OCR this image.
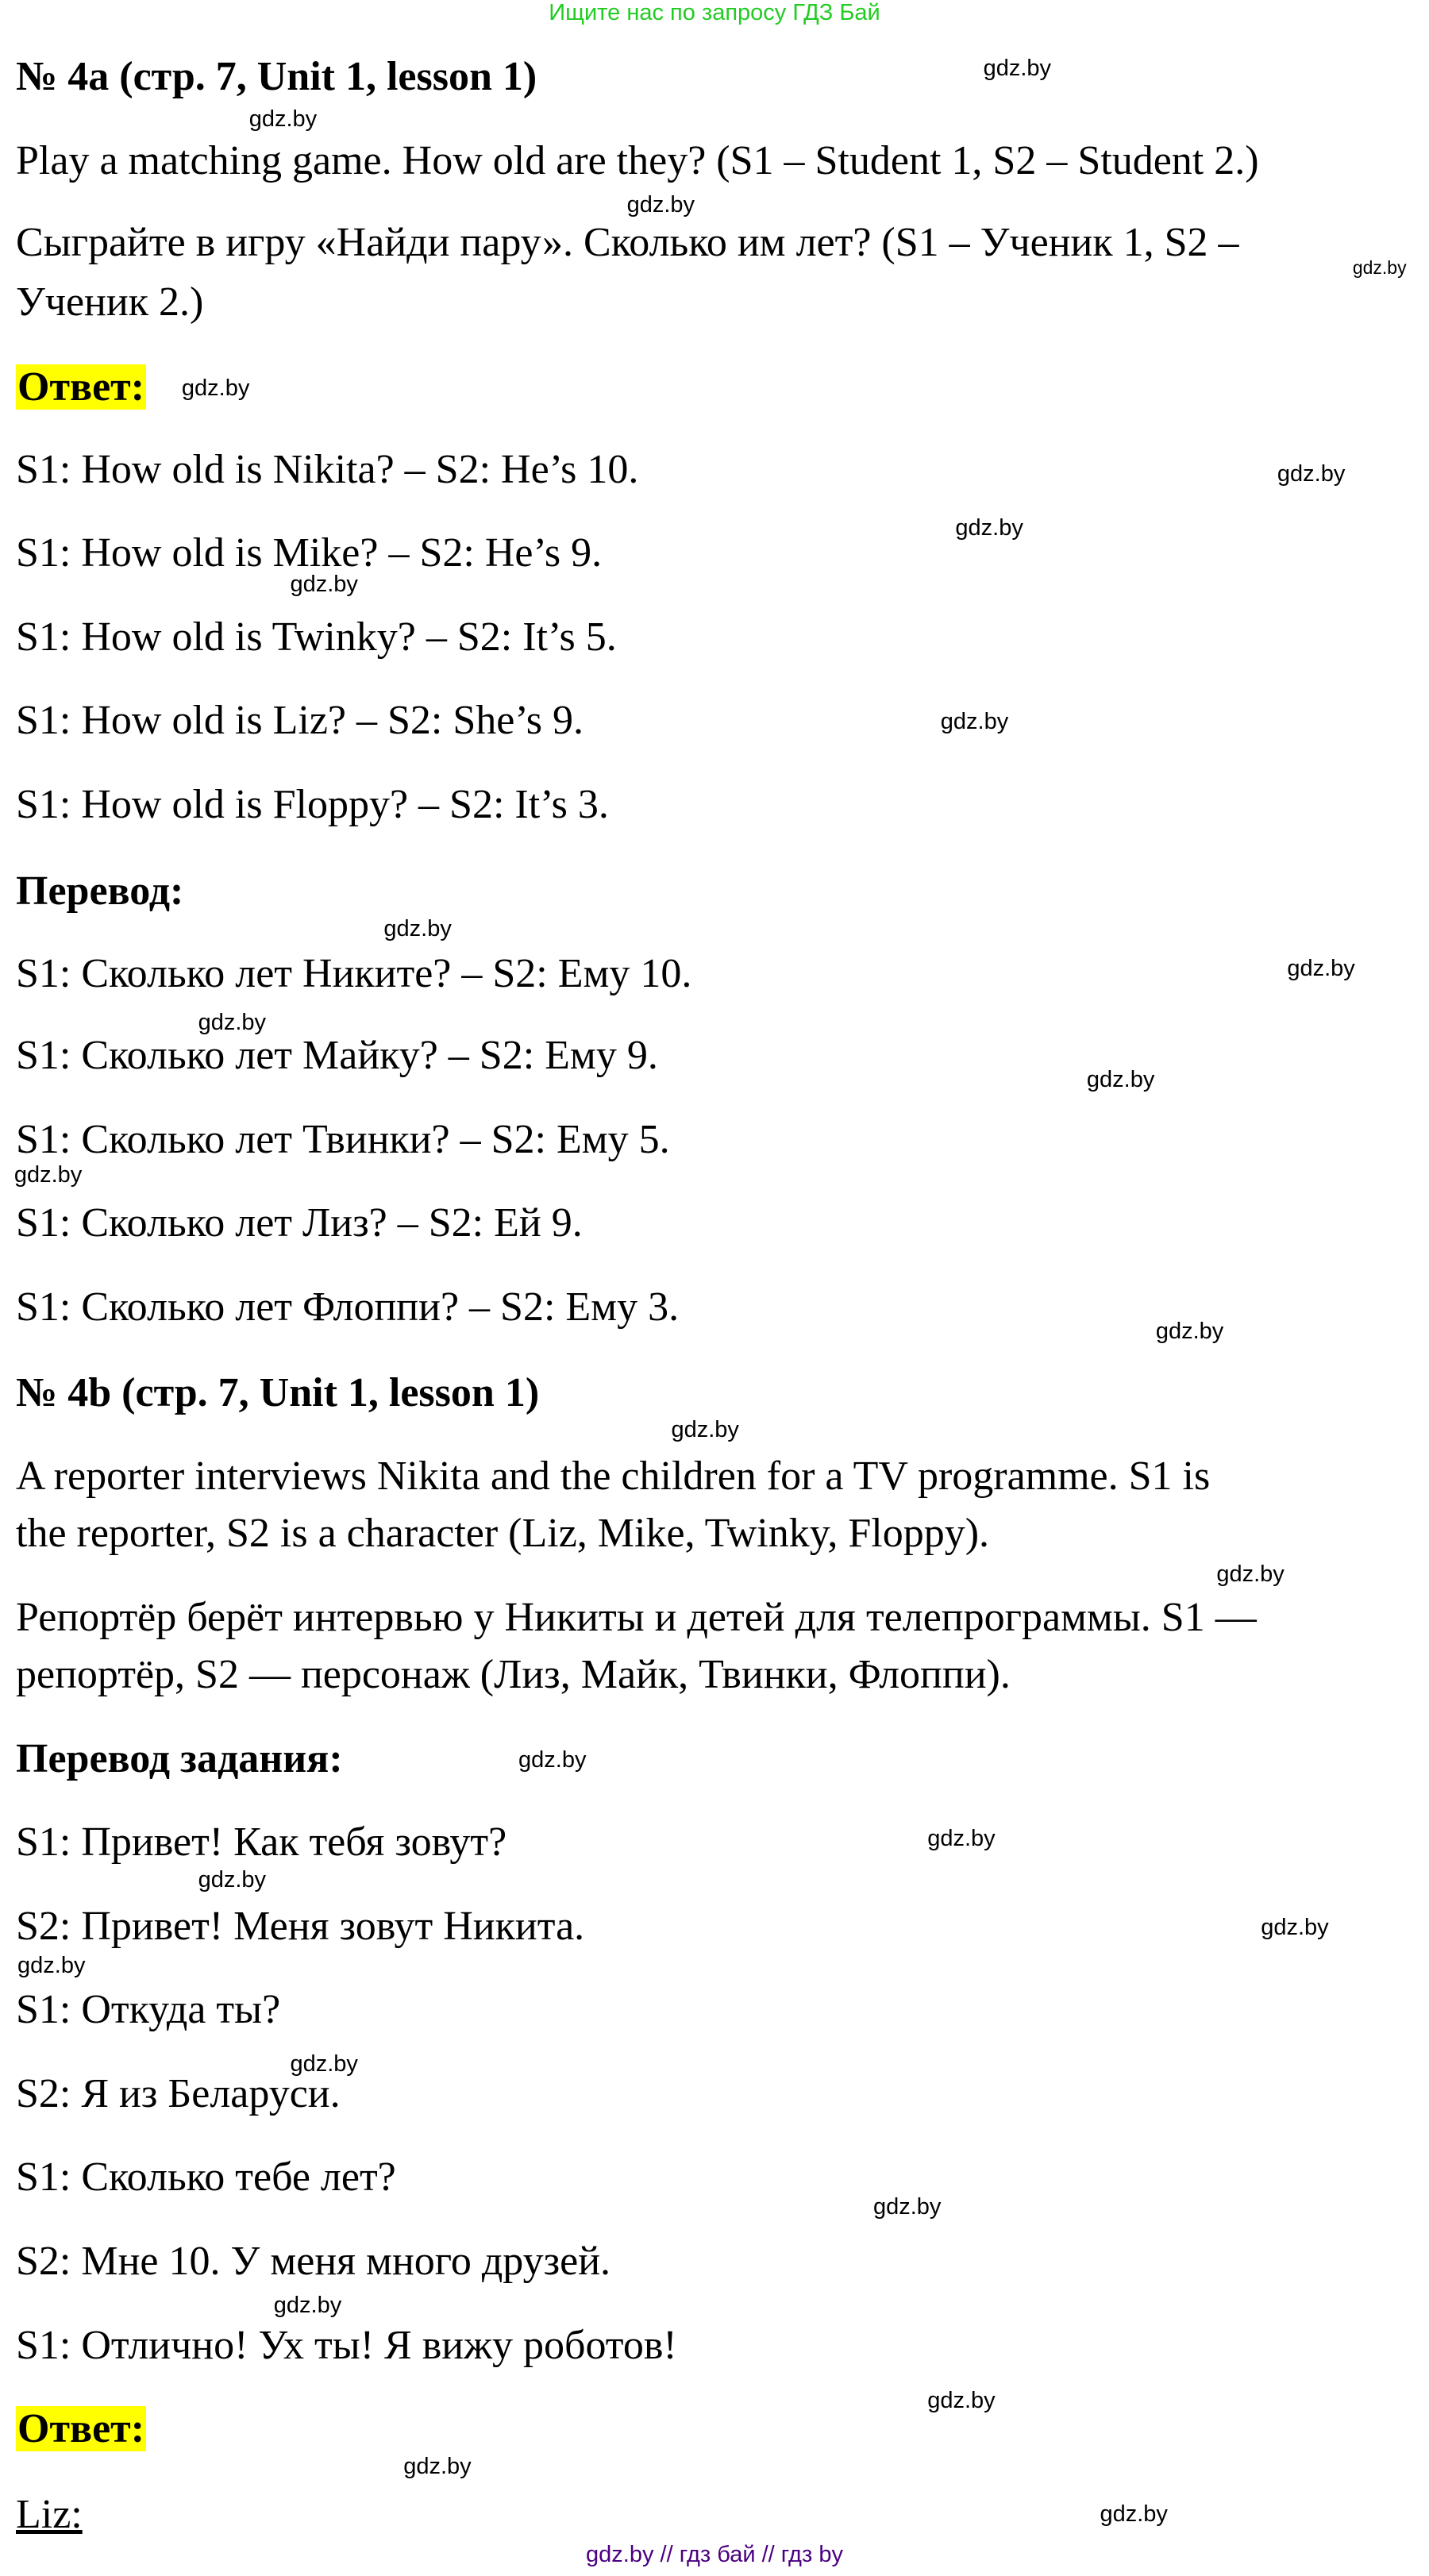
Ищите нас по запросу ГДЗ Бай
№ 4a (стр. 7, Unit 1, lesson 1)
Play a matching game. How old are they? (S1 – Student 1, S2 – Student 2.)
Сыграйте в игру «Найди пару». Сколько им лет? (S1 – Ученик 1, S2 –
Ученик 2.)
Ответ:
S1: How old is Nikita? – S2: He’s 10.
S1: How old is Mike? – S2: He’s 9.
S1: How old is Twinky? – S2: It’s 5.
S1: How old is Liz? – S2: She’s 9.
S1: How old is Floppy? – S2: It’s 3.
Перевод:
S1: Сколько лет Никите? – S2: Ему 10.
S1: Сколько лет Майку? – S2: Ему 9.
S1: Сколько лет Твинки? – S2: Ему 5.
S1: Сколько лет Лиз? – S2: Ей 9.
S1: Сколько лет Флоппи? – S2: Ему 3.
№ 4b (стр. 7, Unit 1, lesson 1)
A reporter interviews Nikita and the children for a TV programme. S1 is
the reporter, S2 is a character (Liz, Mike, Twinky, Floppy).
Репортёр берёт интервью у Никиты и детей для телепрограммы. S1 —
репортёр, S2 — персонаж (Лиз, Майк, Твинки, Флоппи).
Перевод задания:
S1: Привет! Как тебя зовут?
S2: Привет! Меня зовут Никита.
S1: Откуда ты?
S2: Я из Беларуси.
S1: Сколько тебе лет?
S2: Мне 10. У меня много друзей.
S1: Отлично! Ух ты! Я вижу роботов!
Ответ:
Liz:
gdz.by // гдз бай // гдз by
gdz.by
gdz.by
gdz.by
gdz.by
gdz.by
gdz.by
gdz.by
gdz.by
gdz.by
gdz.by
gdz.by
gdz.by
gdz.by
gdz.by
gdz.by
gdz.by
gdz.by
gdz.by
gdz.by
gdz.by
gdz.by
gdz.by
gdz.by
gdz.by
gdz.by
gdz.by
gdz.by
gdz.by
